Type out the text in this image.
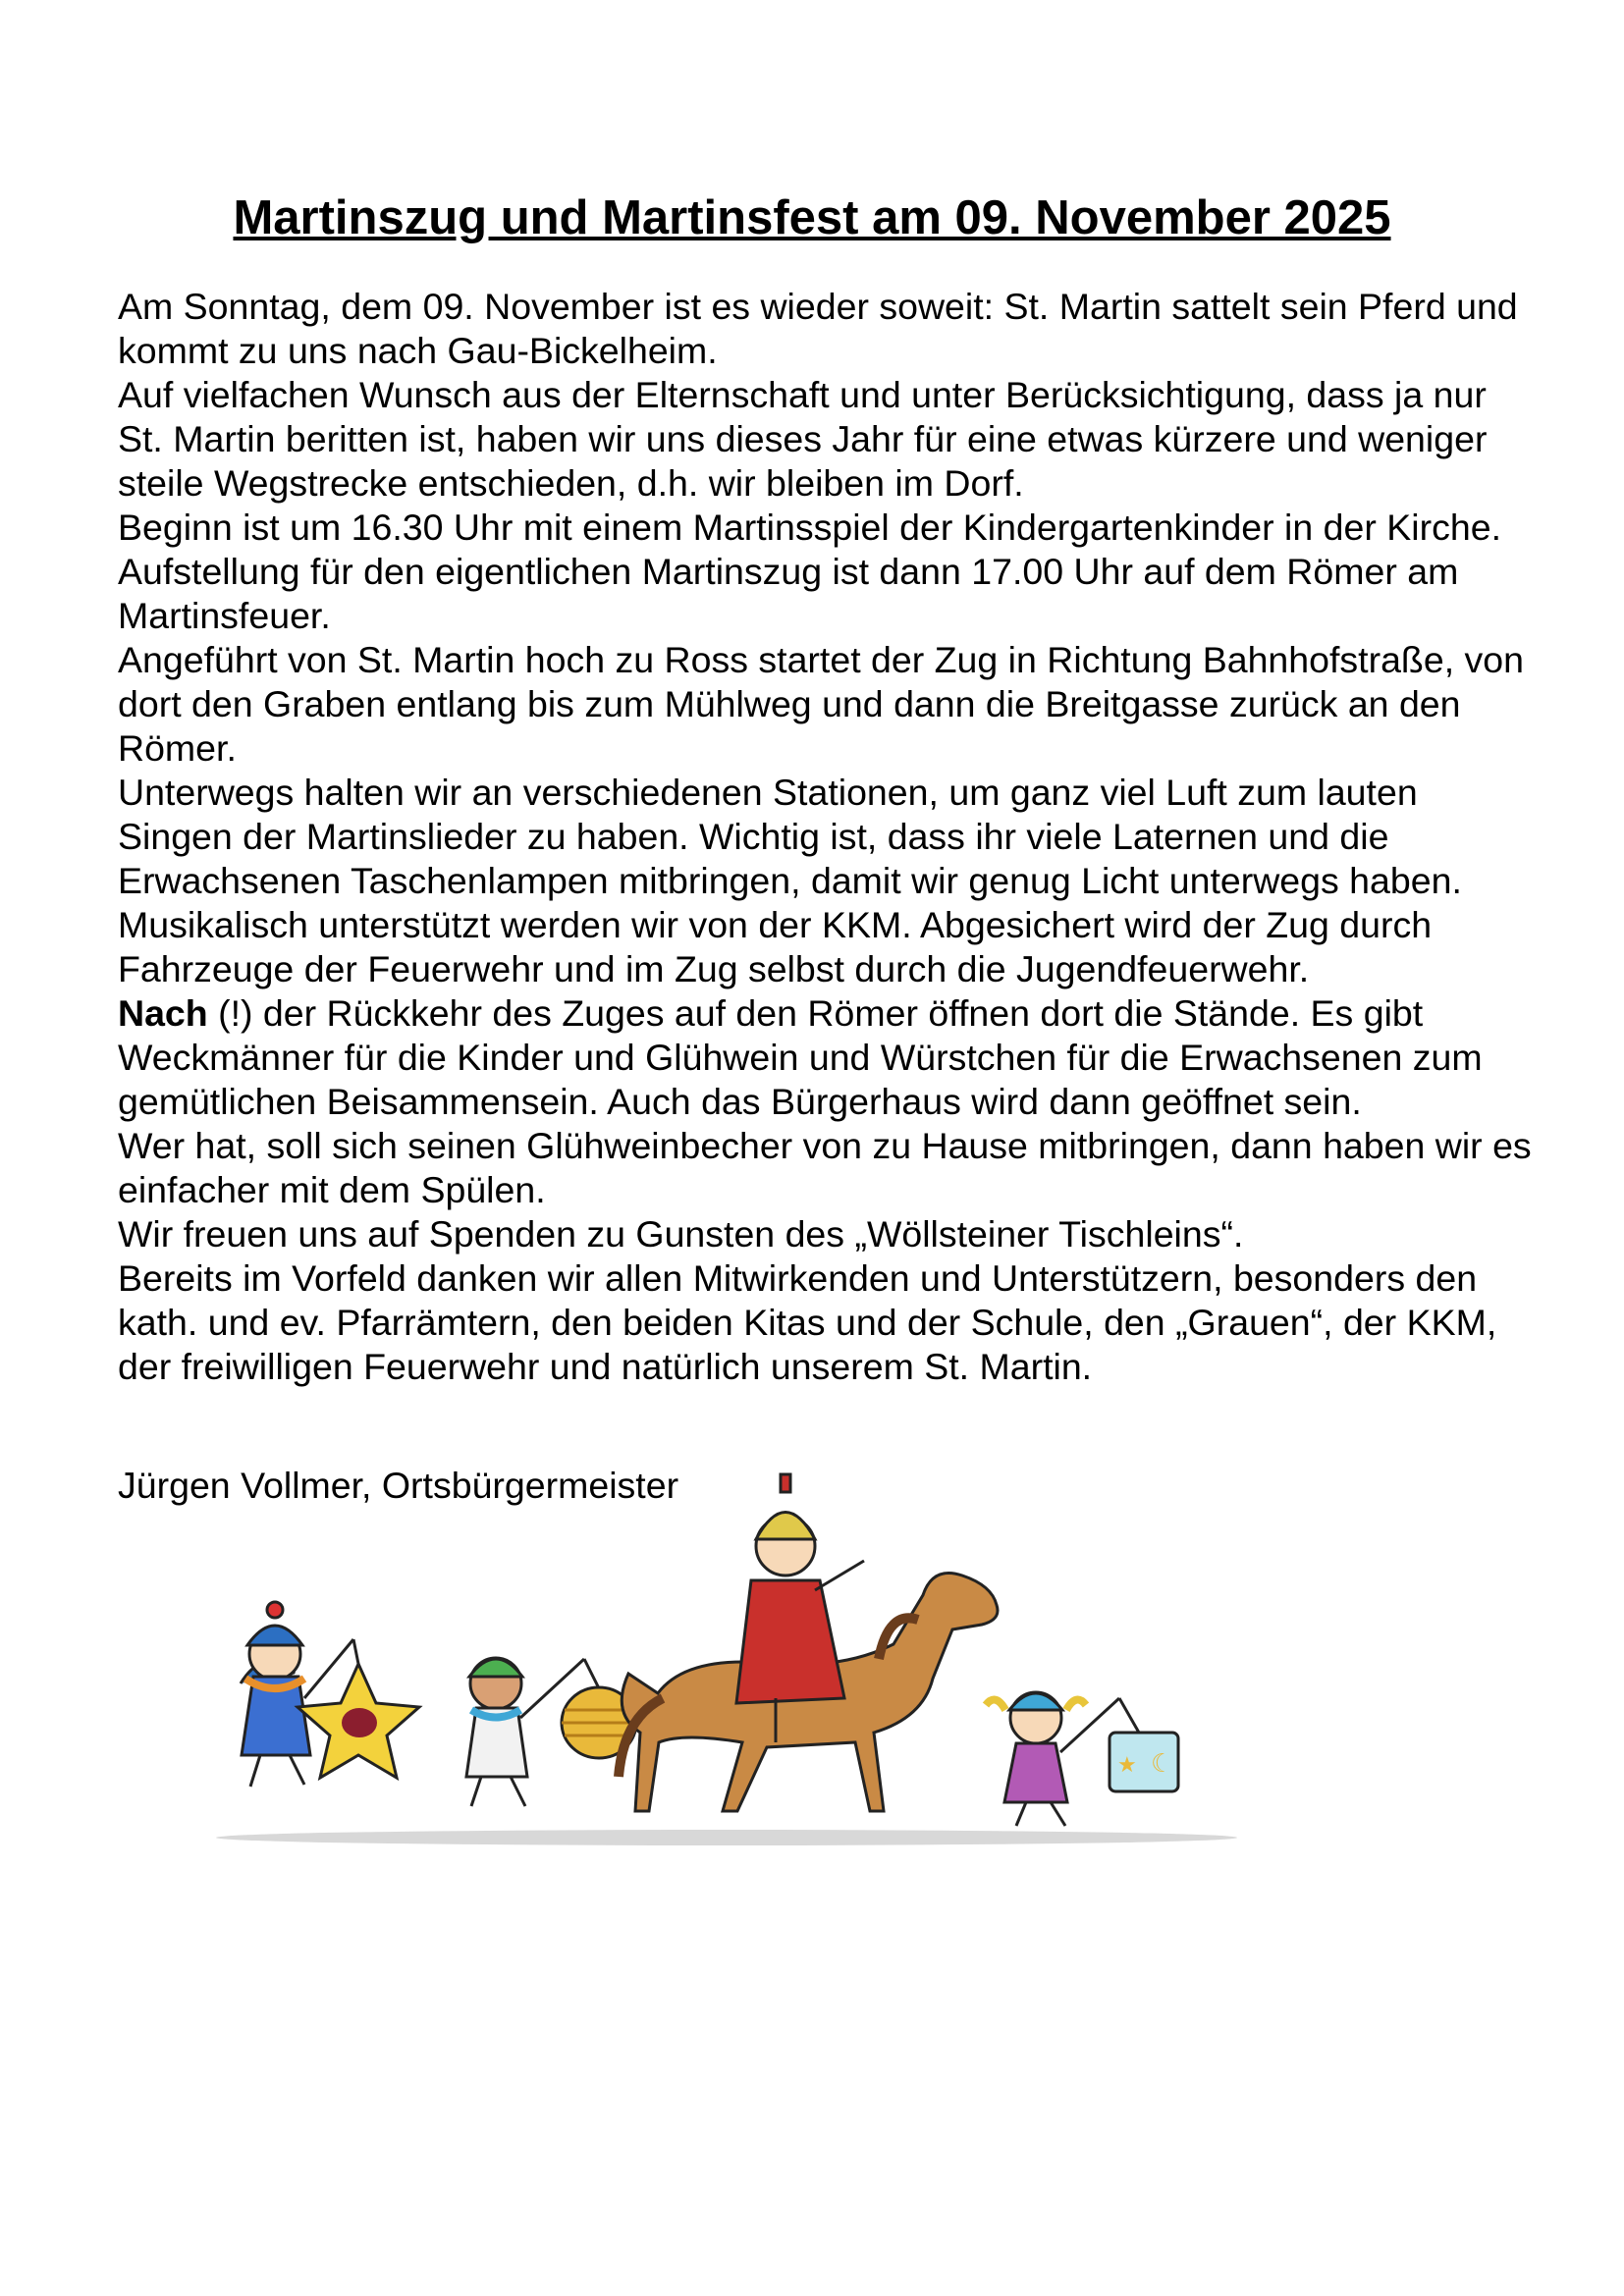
Martinszug und Martinsfest am 09. November 2025

Am Sonntag, dem 09. November ist es wieder soweit: St. Martin sattelt sein Pferd und kommt zu uns nach Gau-Bickelheim.

Auf vielfachen Wunsch aus der Elternschaft und unter Berücksichtigung, dass ja nur St. Martin beritten ist, haben wir uns dieses Jahr für eine etwas kürzere und weniger steile Wegstrecke entschieden, d.h. wir bleiben im Dorf.

Beginn ist um 16.30 Uhr mit einem Martinsspiel der Kindergartenkinder in der Kirche.

Aufstellung für den eigentlichen Martinszug ist dann 17.00 Uhr auf dem Römer am Martinsfeuer.

Angeführt von St. Martin hoch zu Ross startet der Zug in Richtung Bahnhofstraße, von dort den Graben entlang bis zum Mühlweg und dann die Breitgasse zurück an den Römer.

Unterwegs halten wir an verschiedenen Stationen, um ganz viel Luft zum lauten Singen der Martinslieder zu haben. Wichtig ist, dass ihr viele Laternen und die Erwachsenen Taschenlampen mitbringen, damit wir genug Licht unterwegs haben.

Musikalisch unterstützt werden wir von der KKM. Abgesichert wird der Zug durch Fahrzeuge der Feuerwehr und im Zug selbst durch die Jugendfeuerwehr.

Nach (!) der Rückkehr des Zuges auf den Römer öffnen dort die Stände. Es gibt Weckmänner für die Kinder und Glühwein und Würstchen für die Erwachsenen zum gemütlichen Beisammensein. Auch das Bürgerhaus wird dann geöffnet sein.

Wer hat, soll sich seinen Glühweinbecher von zu Hause mitbringen, dann haben wir es einfacher mit dem Spülen.

Wir freuen uns auf Spenden zu Gunsten des „Wöllsteiner Tischleins“.

Bereits im Vorfeld danken wir allen Mitwirkenden und Unterstützern, besonders den kath. und ev. Pfarrämtern, den beiden Kitas und der Schule, den „Grauen“, der KKM, der freiwilligen Feuerwehr und natürlich unserem St. Martin.

Jürgen Vollmer, Ortsbürgermeister

☾
★
